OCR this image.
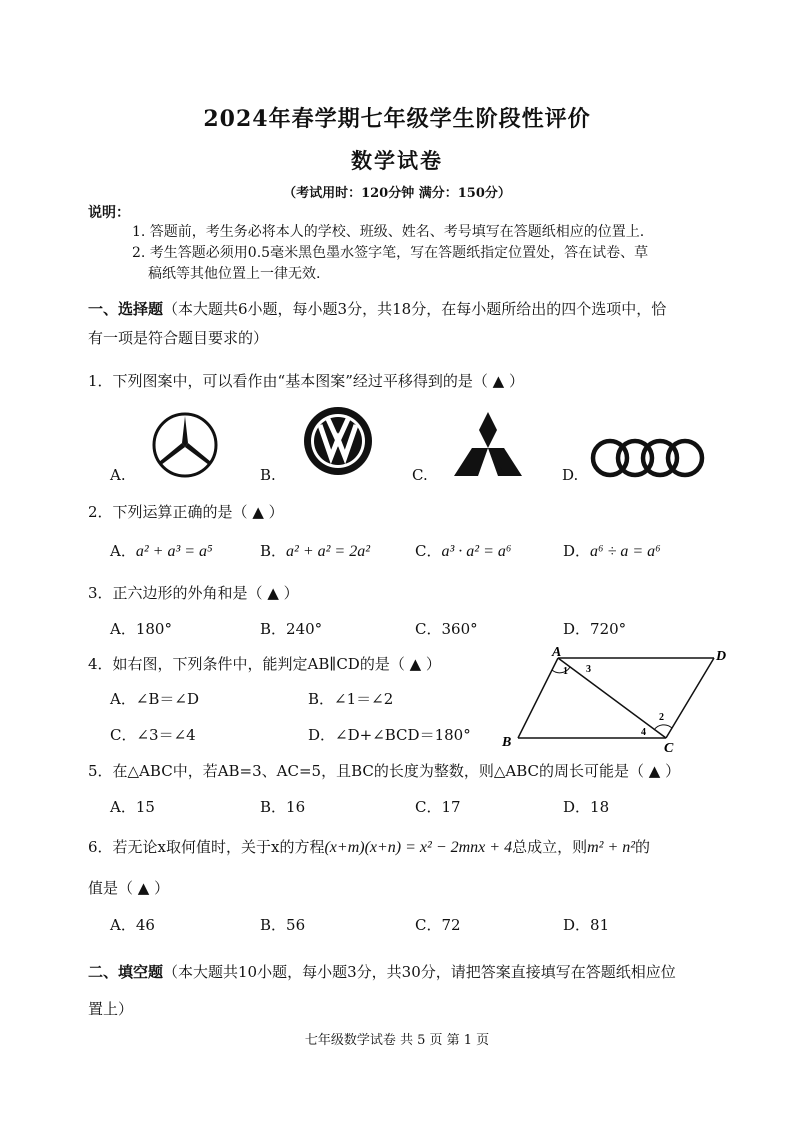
2024年春学期七年级学生阶段性评价
数学试卷
（考试用时：120分钟 满分：150分）
说明：
1. 答题前，考生务必将本人的学校、班级、姓名、考号填写在答题纸相应的位置上.
2. 考生答题必须用0.5毫米黑色墨水签字笔，写在答题纸指定位置处，答在试卷、草
稿纸等其他位置上一律无效.
一、选择题（本大题共6小题，每小题3分，共18分，在每小题所给出的四个选项中，恰
有一项是符合题目要求的）
1．下列图案中，可以看作由“基本图案”经过平移得到的是（ ▲ ）
A.	B.	C.	D.
2．下列运算正确的是（ ▲ ）
A．a² + a³ = a⁵	B．a² + a² = 2a²	C．a³ · a² = a⁶	D．a⁶ ÷ a = a⁶
3．正六边形的外角和是（ ▲ ）
A．180°	B．240°	C．360°	D．720°
4．如右图，下列条件中，能判定AB∥CD的是（ ▲ ）
A．∠B＝∠D	B．∠1＝∠2
C．∠3＝∠4	D．∠D+∠BCD＝180°
A	D
B	C
1 3
2
4
5．在△ABC中，若AB=3、AC=5，且BC的长度为整数，则△ABC的周长可能是（ ▲ ）
A．15	B．16	C．17	D．18
6．若无论x取何值时，关于x的方程(x+m)(x+n) = x² − 2mnx + 4总成立，则m² + n²的
值是（ ▲ ）
A．46	B．56	C．72	D．81
二、填空题（本大题共10小题，每小题3分，共30分，请把答案直接填写在答题纸相应位
置上）
七年级数学试卷 共 5 页 第 1 页
